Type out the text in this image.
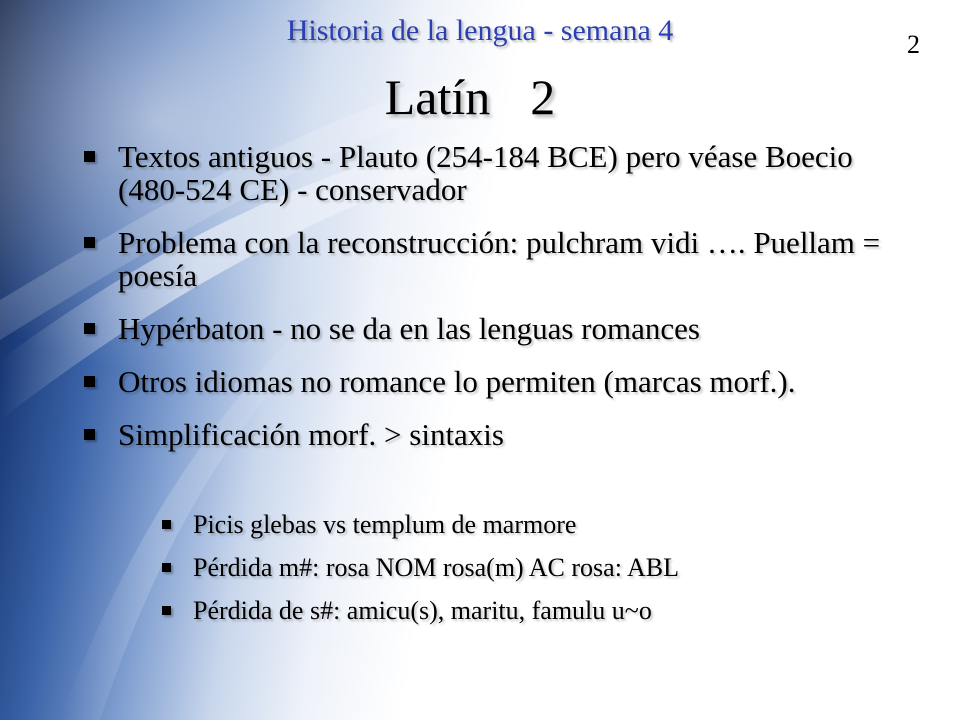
Historia de la lengua - semana 4	2
Latín 2
Textos antiguos - Plauto (254-184 BCE) pero véase Boecio (480-524 CE) - conservador
Problema con la reconstrucción: pulchram vidi …. Puellam = poesía
Hypérbaton - no se da en las lenguas romances
Otros idiomas no romance lo permiten (marcas morf.).
Simplificación morf. > sintaxis
Picis glebas vs templum de marmore
Pérdida m#: rosa NOM rosa(m) AC rosa: ABL
Pérdida de s#: amicu(s), maritu, famulu u~o
